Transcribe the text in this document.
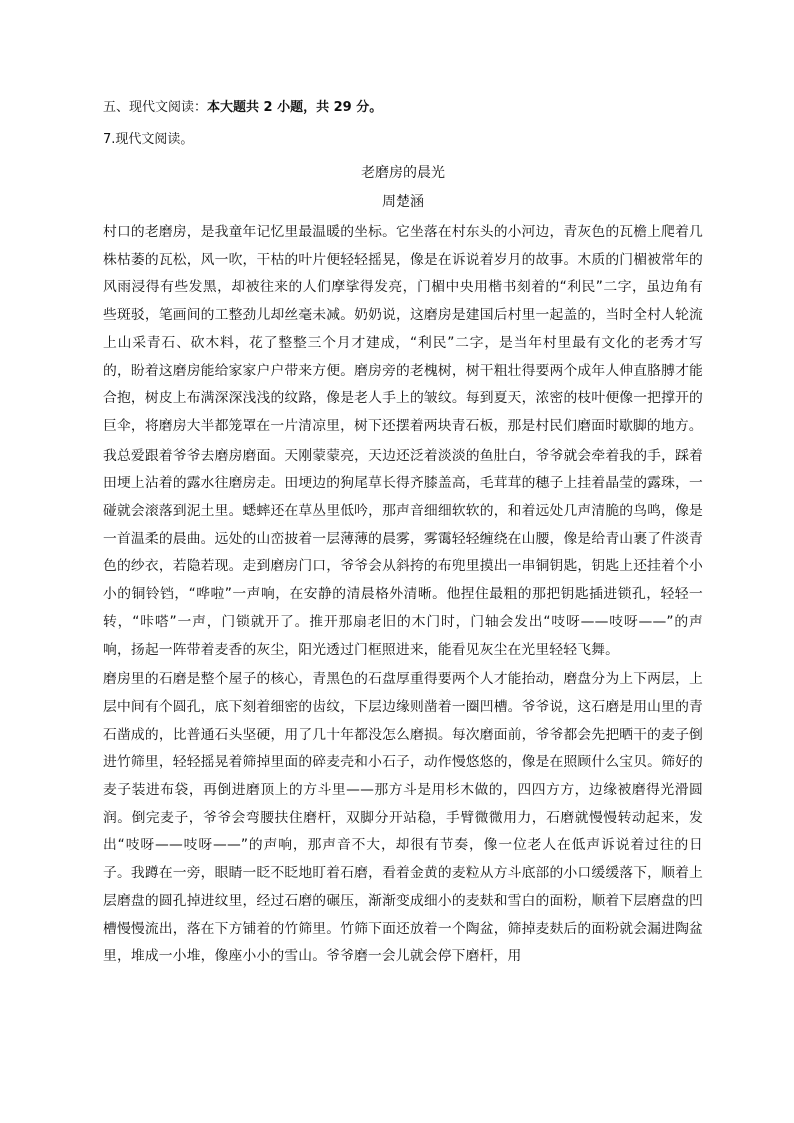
五、现代文阅读：本大题共 2 小题，共 29 分。
7.现代文阅读。
老磨房的晨光
周楚涵

村口的老磨房，是我童年记忆里最温暖的坐标。它坐落在村东头的小河边，青灰色的瓦檐上爬着几株枯萎的瓦松，风一吹，干枯的叶片便轻轻摇晃，像是在诉说着岁月的故事。木质的门楣被常年的风雨浸得有些发黑，却被往来的人们摩挲得发亮，门楣中央用楷书刻着的“利民”二字，虽边角有些斑驳，笔画间的工整劲儿却丝毫未减。奶奶说，这磨房是建国后村里一起盖的，当时全村人轮流上山采青石、砍木料，花了整整三个月才建成，“利民”二字，是当年村里最有文化的老秀才写的，盼着这磨房能给家家户户带来方便。磨房旁的老槐树，树干粗壮得要两个成年人伸直胳膊才能合抱，树皮上布满深深浅浅的纹路，像是老人手上的皱纹。每到夏天，浓密的枝叶便像一把撑开的巨伞，将磨房大半都笼罩在一片清凉里，树下还摆着两块青石板，那是村民们磨面时歇脚的地方。

我总爱跟着爷爷去磨房磨面。天刚蒙蒙亮，天边还泛着淡淡的鱼肚白，爷爷就会牵着我的手，踩着田埂上沾着的露水往磨房走。田埂边的狗尾草长得齐膝盖高，毛茸茸的穗子上挂着晶莹的露珠，一碰就会滚落到泥土里。蟋蟀还在草丛里低吟，那声音细细软软的，和着远处几声清脆的鸟鸣，像是一首温柔的晨曲。远处的山峦披着一层薄薄的晨雾，雾霭轻轻缠绕在山腰，像是给青山裹了件淡青色的纱衣，若隐若现。走到磨房门口，爷爷会从斜挎的布兜里摸出一串铜钥匙，钥匙上还挂着个小小的铜铃铛，“哗啦”一声响，在安静的清晨格外清晰。他捏住最粗的那把钥匙插进锁孔，轻轻一转，“咔嗒”一声，门锁就开了。推开那扇老旧的木门时，门轴会发出“吱呀——吱呀——”的声响，扬起一阵带着麦香的灰尘，阳光透过门框照进来，能看见灰尘在光里轻轻飞舞。

磨房里的石磨是整个屋子的核心，青黑色的石盘厚重得要两个人才能抬动，磨盘分为上下两层，上层中间有个圆孔，底下刻着细密的齿纹，下层边缘则凿着一圈凹槽。爷爷说，这石磨是用山里的青石凿成的，比普通石头坚硬，用了几十年都没怎么磨损。每次磨面前，爷爷都会先把晒干的麦子倒进竹筛里，轻轻摇晃着筛掉里面的碎麦壳和小石子，动作慢悠悠的，像是在照顾什么宝贝。筛好的麦子装进布袋，再倒进磨顶上的方斗里——那方斗是用杉木做的，四四方方，边缘被磨得光滑圆润。倒完麦子，爷爷会弯腰扶住磨杆，双脚分开站稳，手臂微微用力，石磨就慢慢转动起来，发出“吱呀——吱呀——”的声响，那声音不大，却很有节奏，像一位老人在低声诉说着过往的日子。我蹲在一旁，眼睛一眨不眨地盯着石磨，看着金黄的麦粒从方斗底部的小口缓缓落下，顺着上层磨盘的圆孔掉进纹里，经过石磨的碾压，渐渐变成细小的麦麸和雪白的面粉，顺着下层磨盘的凹槽慢慢流出，落在下方铺着的竹筛里。竹筛下面还放着一个陶盆，筛掉麦麸后的面粉就会漏进陶盆里，堆成一小堆，像座小小的雪山。爷爷磨一会儿就会停下磨杆，用
